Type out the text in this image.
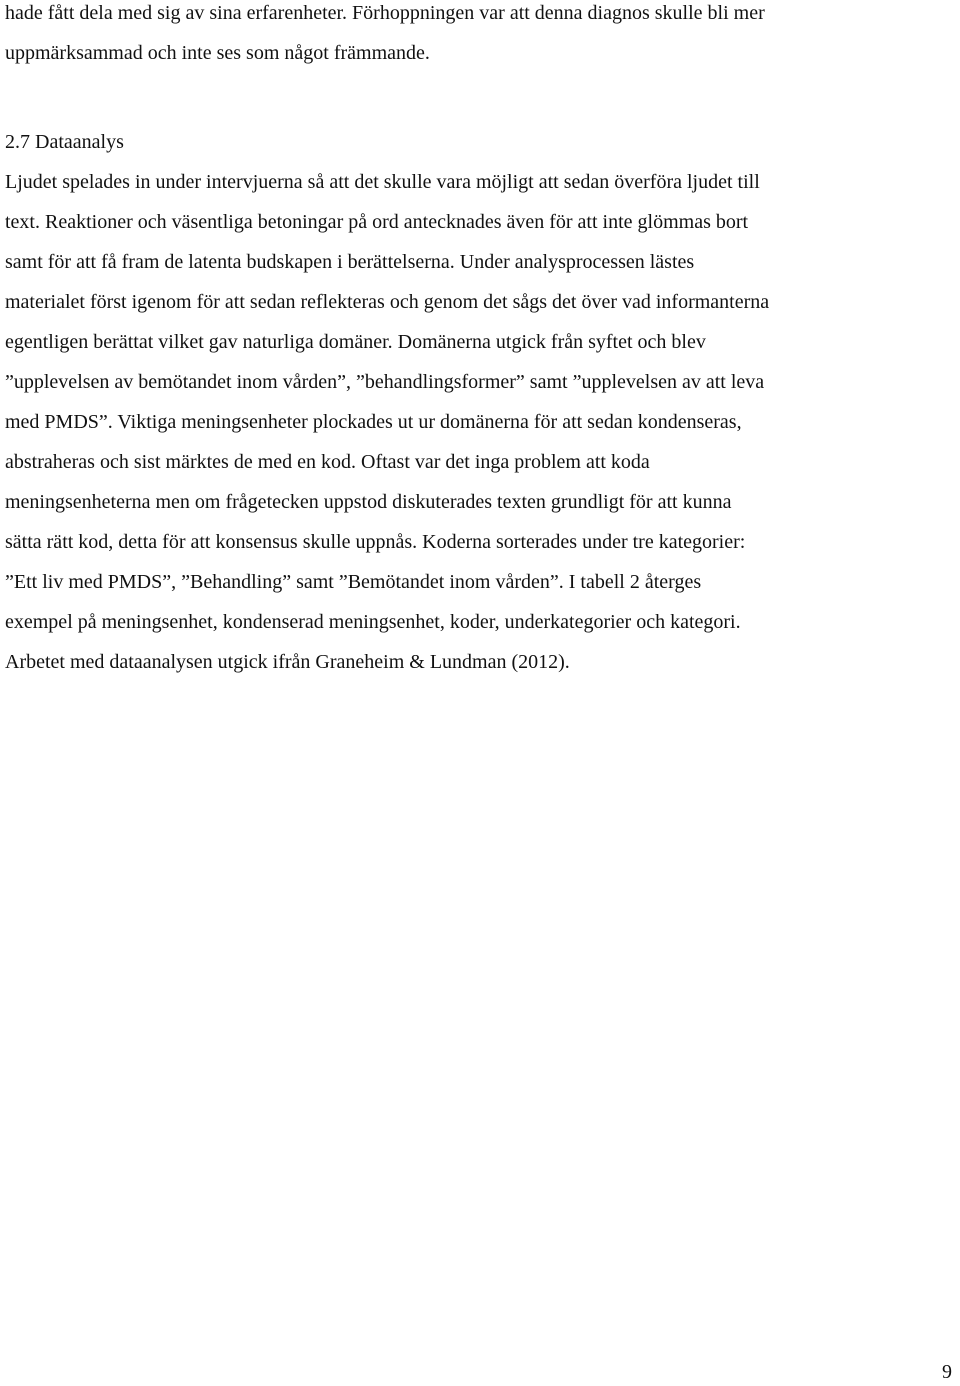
hade fått dela med sig av sina erfarenheter. Förhoppningen var att denna diagnos skulle bli mer
uppmärksammad och inte ses som något främmande.
2.7 Dataanalys
Ljudet spelades in under intervjuerna så att det skulle vara möjligt att sedan överföra ljudet till
text. Reaktioner och väsentliga betoningar på ord antecknades även för att inte glömmas bort
samt för att få fram de latenta budskapen i berättelserna. Under analysprocessen lästes
materialet först igenom för att sedan reflekteras och genom det sågs det över vad informanterna
egentligen berättat vilket gav naturliga domäner. Domänerna utgick från syftet och blev
”upplevelsen av bemötandet inom vården”, ”behandlingsformer” samt ”upplevelsen av att leva
med PMDS”. Viktiga meningsenheter plockades ut ur domänerna för att sedan kondenseras,
abstraheras och sist märktes de med en kod. Oftast var det inga problem att koda
meningsenheterna men om frågetecken uppstod diskuterades texten grundligt för att kunna
sätta rätt kod, detta för att konsensus skulle uppnås. Koderna sorterades under tre kategorier:
”Ett liv med PMDS”, ”Behandling” samt ”Bemötandet inom vården”. I tabell 2 återges
exempel på meningsenhet, kondenserad meningsenhet, koder, underkategorier och kategori.
Arbetet med dataanalysen utgick ifrån Graneheim & Lundman (2012).
9
